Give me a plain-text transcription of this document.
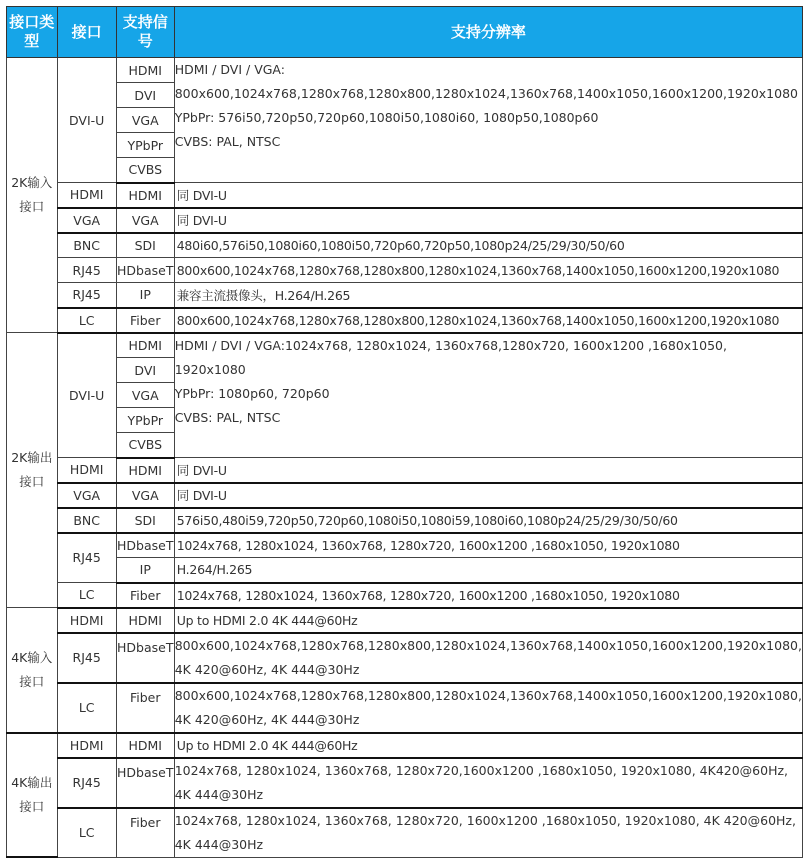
接口类型	接口	支持信号	支持分辨率
2K输入接口	DVI-U	HDMI	HDMI / DVI / VGA:
800x600,1024x768,1280x768,1280x800,1280x1024,1360x768,1400x1050,1600x1200,1920x1080
YPbPr: 576i50,720p50,720p60,1080i50,1080i60, 1080p50,1080p60
CVBS: PAL, NTSC

		DVI	
		VGA	
		YPbPr	
		CVBS	
	HDMI	HDMI	同 DVI-U
	VGA	VGA	同 DVI-U
	BNC	SDI	480i60,576i50,1080i60,1080i50,720p60,720p50,1080p24/25/29/30/50/60
	RJ45	HDbaseT	800x600,1024x768,1280x768,1280x800,1280x1024,1360x768,1400x1050,1600x1200,1920x1080
	RJ45	IP	兼容主流摄像头，H.264/H.265
	LC	Fiber	800x600,1024x768,1280x768,1280x800,1280x1024,1360x768,1400x1050,1600x1200,1920x1080
2K输出接口	DVI-U	HDMI	HDMI / DVI / VGA:1024x768, 1280x1024, 1360x768,1280x720, 1600x1200 ,1680x1050,
1920x1080
YPbPr: 1080p60, 720p60
CVBS: PAL, NTSC

		DVI	
		VGA	
		YPbPr	
		CVBS	
	HDMI	HDMI	同 DVI-U
	VGA	VGA	同 DVI-U
	BNC	SDI	576i50,480i59,720p50,720p60,1080i50,1080i59,1080i60,1080p24/25/29/30/50/60
	RJ45	HDbaseT	1024x768, 1280x1024, 1360x768, 1280x720, 1600x1200 ,1680x1050, 1920x1080
		IP	H.264/H.265
	LC	Fiber	1024x768, 1280x1024, 1360x768, 1280x720, 1600x1200 ,1680x1050, 1920x1080
4K输入接口	HDMI	HDMI	Up to HDMI 2.0 4K 444@60Hz
	RJ45	HDbaseT	800x600,1024x768,1280x768,1280x800,1280x1024,1360x768,1400x1050,1600x1200,1920x1080,
4K 420@60Hz, 4K 444@30Hz

	LC	Fiber	800x600,1024x768,1280x768,1280x800,1280x1024,1360x768,1400x1050,1600x1200,1920x1080,
4K 420@60Hz, 4K 444@30Hz

4K输出接口	HDMI	HDMI	Up to HDMI 2.0 4K 444@60Hz
	RJ45	HDbaseT	1024x768, 1280x1024, 1360x768, 1280x720,1600x1200 ,1680x1050, 1920x1080, 4K420@60Hz,
4K 444@30Hz

	LC	Fiber	1024x768, 1280x1024, 1360x768, 1280x720, 1600x1200 ,1680x1050, 1920x1080, 4K 420@60Hz,
4K 444@30Hz
